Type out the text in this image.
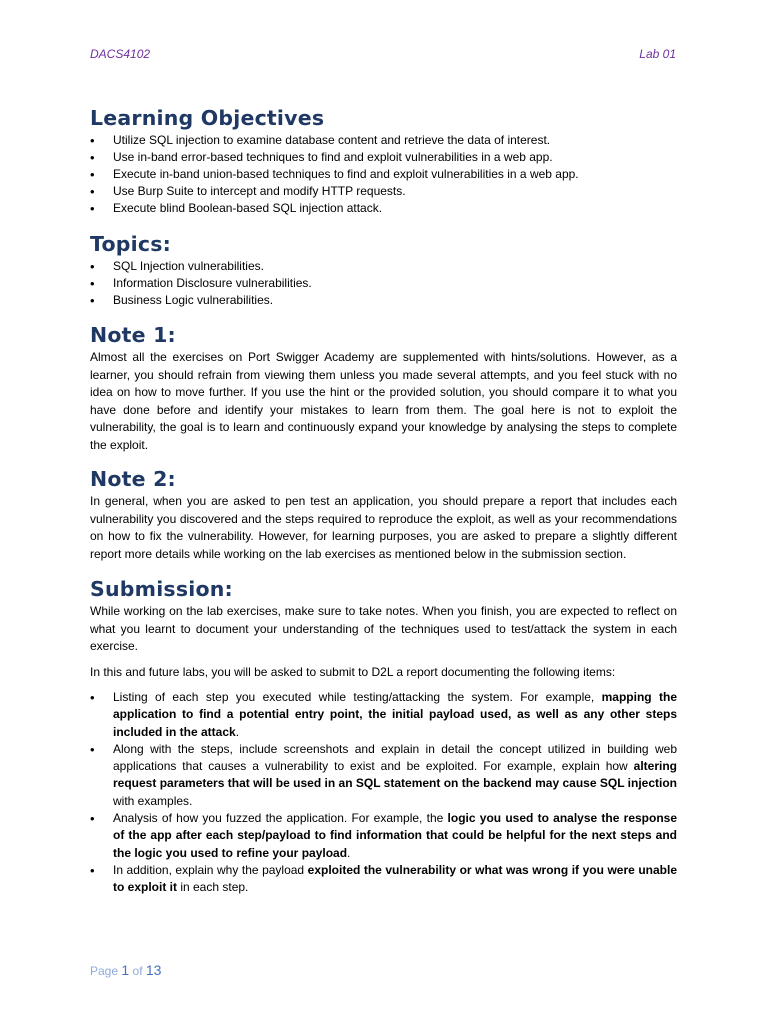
DACS4102	Lab 01
Learning Objectives
• Utilize SQL injection to examine database content and retrieve the data of interest.
• Use in-band error-based techniques to find and exploit vulnerabilities in a web app.
• Execute in-band union-based techniques to find and exploit vulnerabilities in a web app.
• Use Burp Suite to intercept and modify HTTP requests.
• Execute blind Boolean-based SQL injection attack.
Topics:
• SQL Injection vulnerabilities.
• Information Disclosure vulnerabilities.
• Business Logic vulnerabilities.
Note 1:

Almost all the exercises on Port Swigger Academy are supplemented with hints/solutions. However, as a learner, you should refrain from viewing them unless you made several attempts, and you feel stuck with no idea on how to move further. If you use the hint or the provided solution, you should compare it to what you have done before and identify your mistakes to learn from them. The goal here is not to exploit the vulnerability, the goal is to learn and continuously expand your knowledge by analysing the steps to complete the exploit.

Note 2:

In general, when you are asked to pen test an application, you should prepare a report that includes each vulnerability you discovered and the steps required to reproduce the exploit, as well as your recommendations on how to fix the vulnerability. However, for learning purposes, you are asked to prepare a slightly different report more details while working on the lab exercises as mentioned below in the submission section.

Submission:

While working on the lab exercises, make sure to take notes. When you finish, you are expected to reflect on what you learnt to document your understanding of the techniques used to test/attack the system in each exercise.

In this and future labs, you will be asked to submit to D2L a report documenting the following items:

• Listing of each step you executed while testing/attacking the system. For example, mapping the application to find a potential entry point, the initial payload used, as well as any other steps included in the attack.
• Along with the steps, include screenshots and explain in detail the concept utilized in building web applications that causes a vulnerability to exist and be exploited. For example, explain how altering request parameters that will be used in an SQL statement on the backend may cause SQL injection with examples.
• Analysis of how you fuzzed the application. For example, the logic you used to analyse the response of the app after each step/payload to find information that could be helpful for the next steps and the logic you used to refine your payload.
• In addition, explain why the payload exploited the vulnerability or what was wrong if you were unable to exploit it in each step.
Page 1 of 13
